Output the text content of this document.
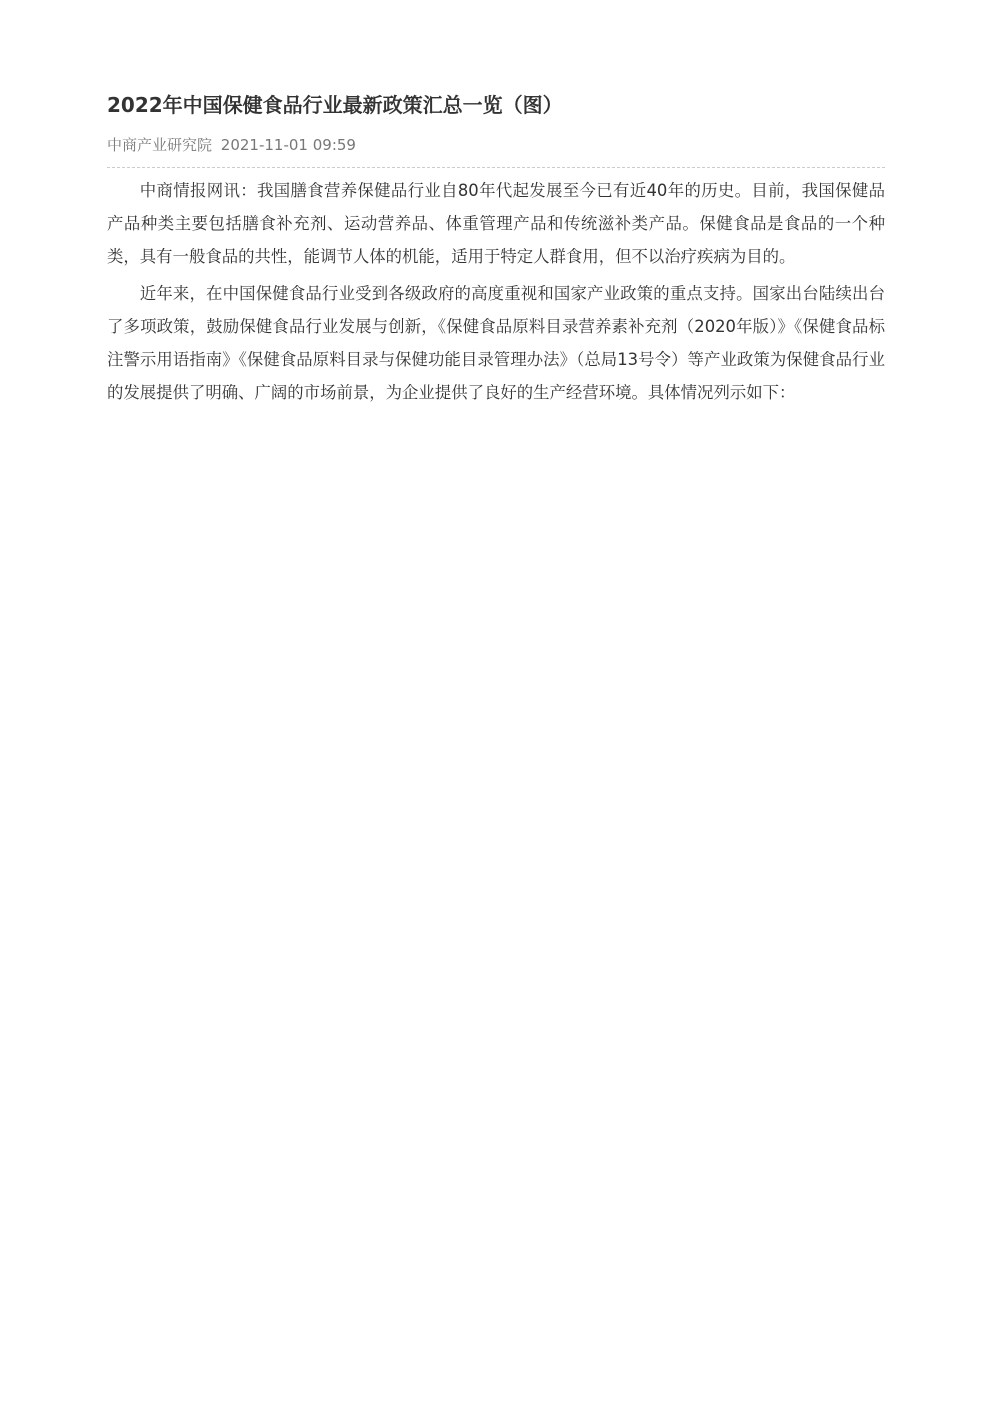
2022年中国保健食品行业最新政策汇总一览（图）
中商产业研究院 2021-11-01 09:59

中商情报网讯：我国膳食营养保健品行业自80年代起发展至今已有近40年的历史。目前，我国保健品产品种类主要包括膳食补充剂、运动营养品、体重管理产品和传统滋补类产品。保健食品是食品的一个种类，具有一般食品的共性，能调节人体的机能，适用于特定人群食用，但不以治疗疾病为目的。

近年来，在中国保健食品行业受到各级政府的高度重视和国家产业政策的重点支持。国家出台陆续出台了多项政策，鼓励保健食品行业发展与创新，《保健食品原料目录营养素补充剂（2020年版）》《保健食品标注警示用语指南》《保健食品原料目录与保健功能目录管理办法》（总局13号令）等产业政策为保健食品行业的发展提供了明确、广阔的市场前景，为企业提供了良好的生产经营环境。具体情况列示如下：
